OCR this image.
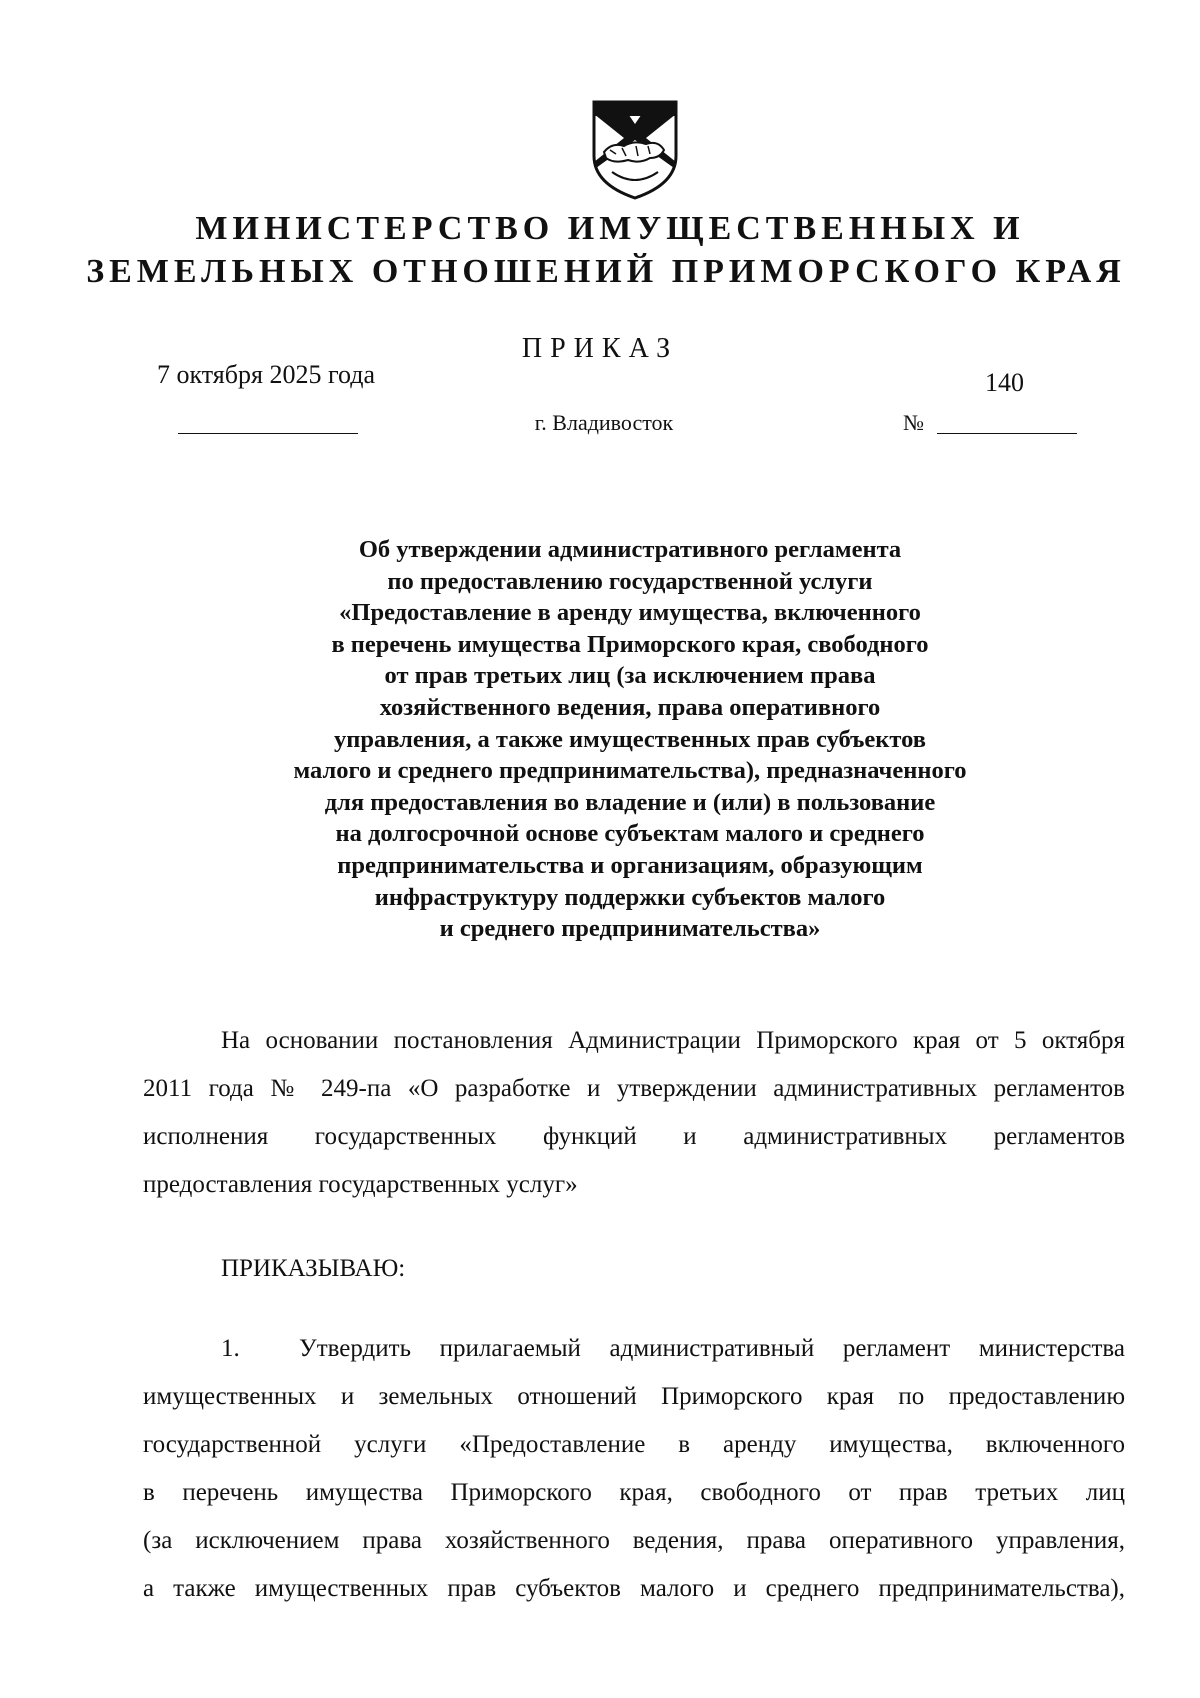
МИНИСТЕРСТВО ИМУЩЕСТВЕННЫХ И
ЗЕМЕЛЬНЫХ ОТНОШЕНИЙ ПРИМОРСКОГО КРАЯ
ПРИКАЗ
7 октября 2025 года	140
г. Владивосток	№
Об утверждении административного регламента
по предоставлению государственной услуги
«Предоставление в аренду имущества, включенного
в перечень имущества Приморского края, свободного
от прав третьих лиц (за исключением права
хозяйственного ведения, права оперативного
управления, а также имущественных прав субъектов
малого и среднего предпринимательства), предназначенного
для предоставления во владение и (или) в пользование
на долгосрочной основе субъектам малого и среднего
предпринимательства и организациям, образующим
инфраструктуру поддержки субъектов малого
и среднего предпринимательства»
На основании постановления Администрации Приморского края от 5 октября
2011 года № 249-па «О разработке и утверждении административных регламентов
исполнения государственных функций и административных регламентов
предоставления государственных услуг»
ПРИКАЗЫВАЮ:
1.	Утвердить прилагаемый административный регламент министерства
имущественных и земельных отношений Приморского края по предоставлению
государственной услуги «Предоставление в аренду имущества, включенного
в перечень имущества Приморского края, свободного от прав третьих лиц
(за исключением права хозяйственного ведения, права оперативного управления,
а также имущественных прав субъектов малого и среднего предпринимательства),
